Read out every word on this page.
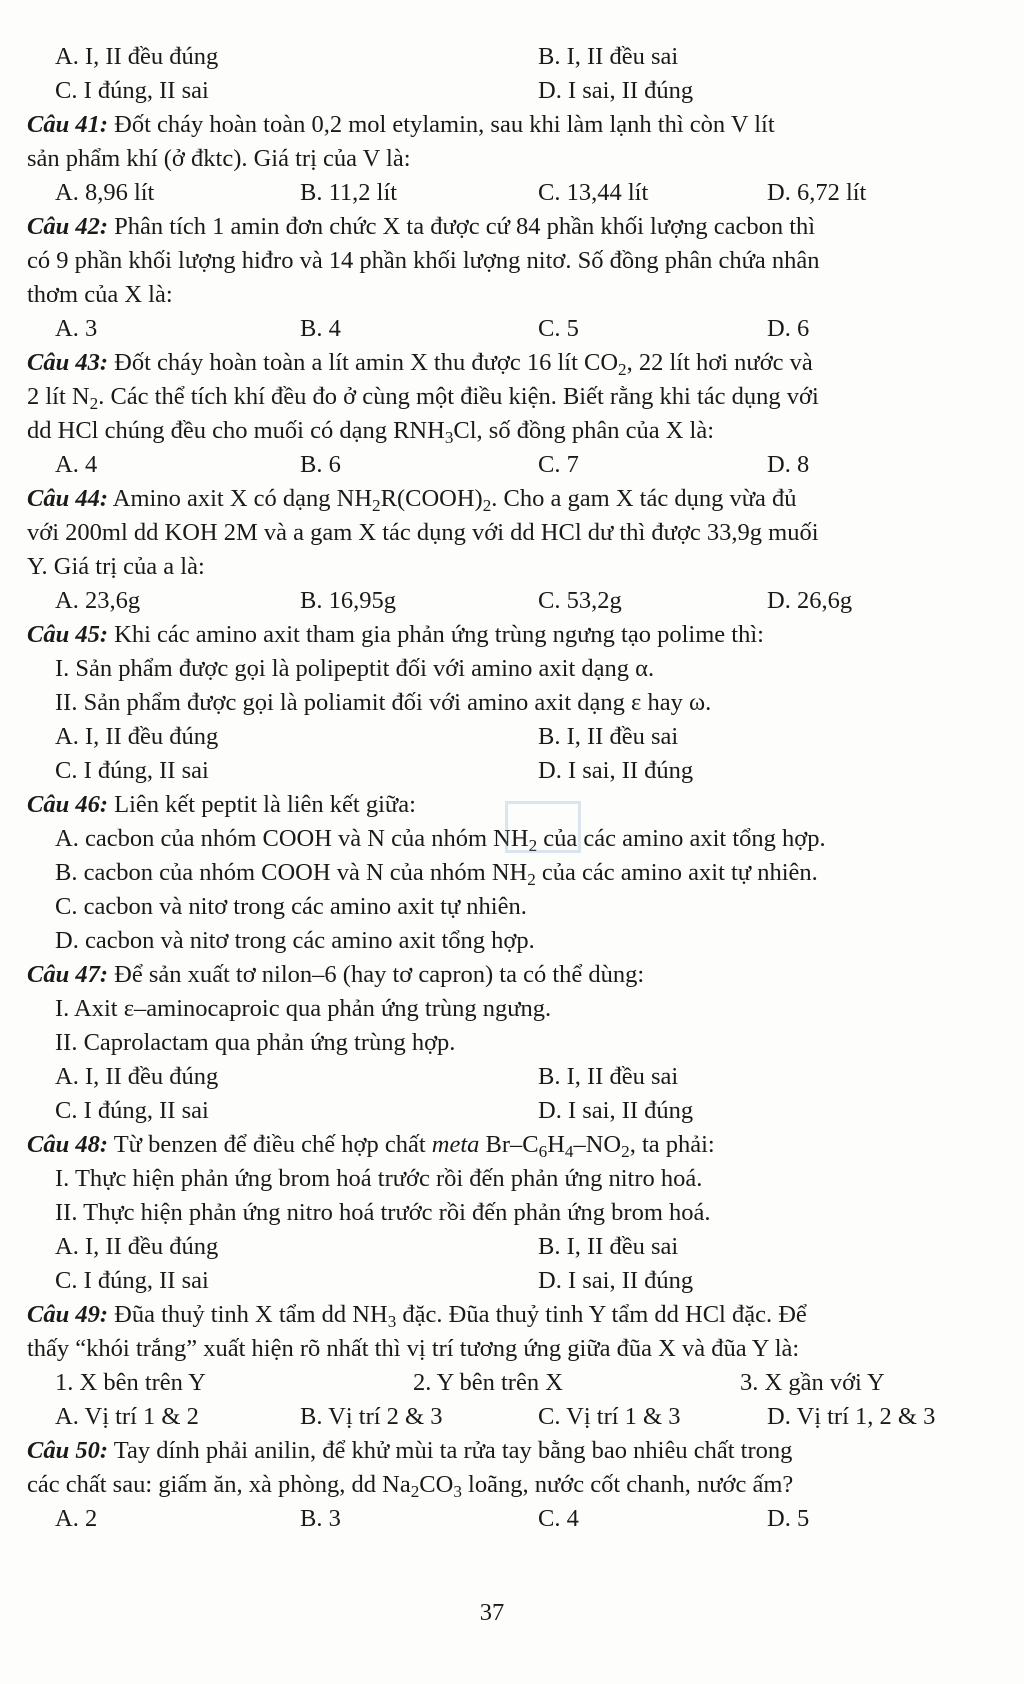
A. I, II đều đúng	B. I, II đều sai
C. I đúng, II sai	D. I sai, II đúng
Câu 41: Đốt cháy hoàn toàn 0,2 mol etylamin, sau khi làm lạnh thì còn V lít
sản phẩm khí (ở đktc). Giá trị của V là:
A. 8,96 lít	B. 11,2 lít	C. 13,44 lít	D. 6,72 lít
Câu 42: Phân tích 1 amin đơn chức X ta được cứ 84 phần khối lượng cacbon thì
có 9 phần khối lượng hiđro và 14 phần khối lượng nitơ. Số đồng phân chứa nhân
thơm của X là:
A. 3	B. 4	C. 5	D. 6
Câu 43: Đốt cháy hoàn toàn a lít amin X thu được 16 lít $CO_2$, 22 lít hơi nước và
2 lít $N_2$. Các thể tích khí đều đo ở cùng một điều kiện. Biết rằng khi tác dụng với
dd HCl chúng đều cho muối có dạng $RNH_3Cl$, số đồng phân của X là:
A. 4	B. 6	C. 7	D. 8
Câu 44: Amino axit X có dạng $NH_2R(COOH)_2$. Cho a gam X tác dụng vừa đủ
với 200ml dd KOH 2M và a gam X tác dụng với dd HCl dư thì được 33,9g muối
Y. Giá trị của a là:
A. 23,6g	B. 16,95g	C. 53,2g	D. 26,6g
Câu 45: Khi các amino axit tham gia phản ứng trùng ngưng tạo polime thì:
I. Sản phẩm được gọi là polipeptit đối với amino axit dạng α.
II. Sản phẩm được gọi là poliamit đối với amino axit dạng ε hay ω.
A. I, II đều đúng	B. I, II đều sai
C. I đúng, II sai	D. I sai, II đúng
Câu 46: Liên kết peptit là liên kết giữa:
A. cacbon của nhóm COOH và N của nhóm $NH_2$ của các amino axit tổng hợp.
B. cacbon của nhóm COOH và N của nhóm $NH_2$ của các amino axit tự nhiên.
C. cacbon và nitơ trong các amino axit tự nhiên.
D. cacbon và nitơ trong các amino axit tổng hợp.
Câu 47: Để sản xuất tơ nilon–6 (hay tơ capron) ta có thể dùng:
I. Axit ε–aminocaproic qua phản ứng trùng ngưng.
II. Caprolactam qua phản ứng trùng hợp.
A. I, II đều đúng	B. I, II đều sai
C. I đúng, II sai	D. I sai, II đúng
Câu 48: Từ benzen để điều chế hợp chất meta $Br-C_6H_4-NO_2$, ta phải:
I. Thực hiện phản ứng brom hoá trước rồi đến phản ứng nitro hoá.
II. Thực hiện phản ứng nitro hoá trước rồi đến phản ứng brom hoá.
A. I, II đều đúng	B. I, II đều sai
C. I đúng, II sai	D. I sai, II đúng
Câu 49: Đũa thuỷ tinh X tẩm dd $NH_3$ đặc. Đũa thuỷ tinh Y tẩm dd HCl đặc. Để
thấy “khói trắng” xuất hiện rõ nhất thì vị trí tương ứng giữa đũa X và đũa Y là:
1. X bên trên Y	2. Y bên trên X	3. X gần với Y
A. Vị trí 1 & 2	B. Vị trí 2 & 3	C. Vị trí 1 & 3	D. Vị trí 1, 2 & 3
Câu 50: Tay dính phải anilin, để khử mùi ta rửa tay bằng bao nhiêu chất trong
các chất sau: giấm ăn, xà phòng, dd $Na_2CO_3$ loãng, nước cốt chanh, nước ấm?
A. 2	B. 3	C. 4	D. 5
37
